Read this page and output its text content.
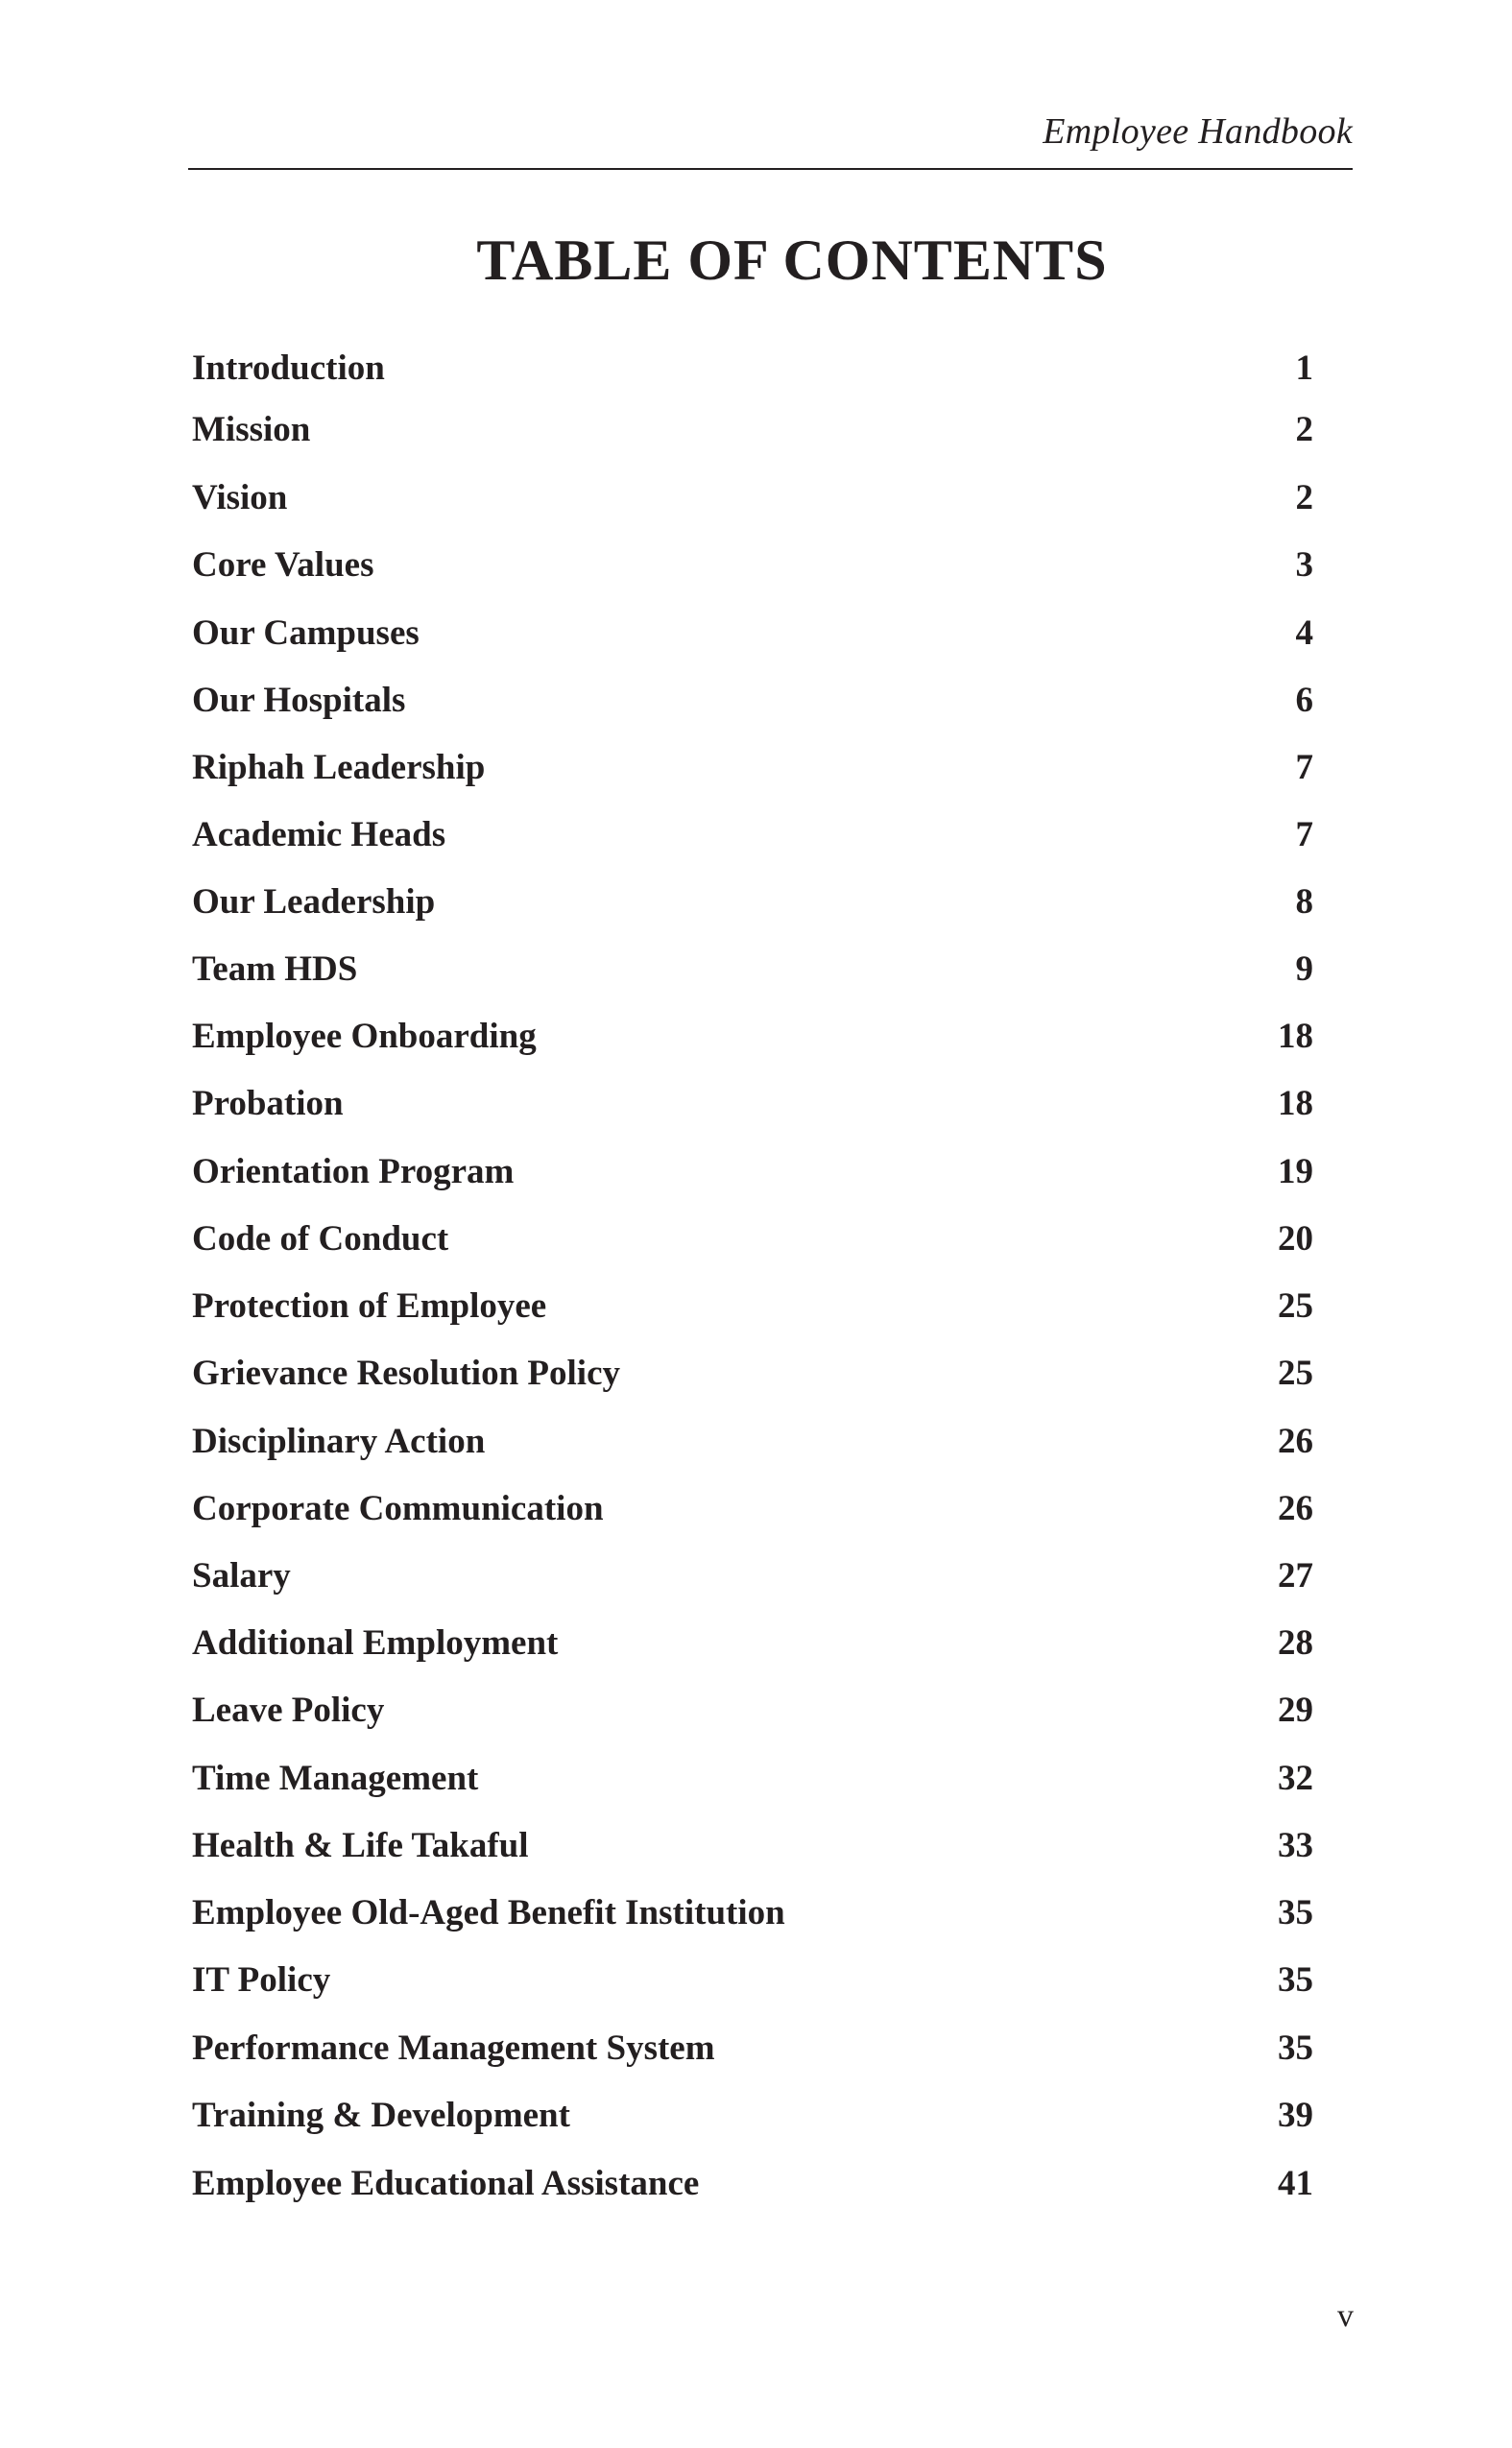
Employee Handbook
TABLE OF CONTENTS
Introduction	1
Mission	2
Vision	2
Core Values	3
Our Campuses	4
Our Hospitals	6
Riphah Leadership	7
Academic Heads	7
Our Leadership	8
Team HDS	9
Employee Onboarding	18
Probation	18
Orientation Program	19
Code of Conduct	20
Protection of Employee	25
Grievance Resolution Policy	25
Disciplinary Action	26
Corporate Communication	26
Salary	27
Additional Employment	28
Leave Policy	29
Time Management	32
Health & Life Takaful	33
Employee Old-Aged Benefit Institution	35
IT Policy	35
Performance Management System	35
Training & Development	39
Employee Educational Assistance	41
v
